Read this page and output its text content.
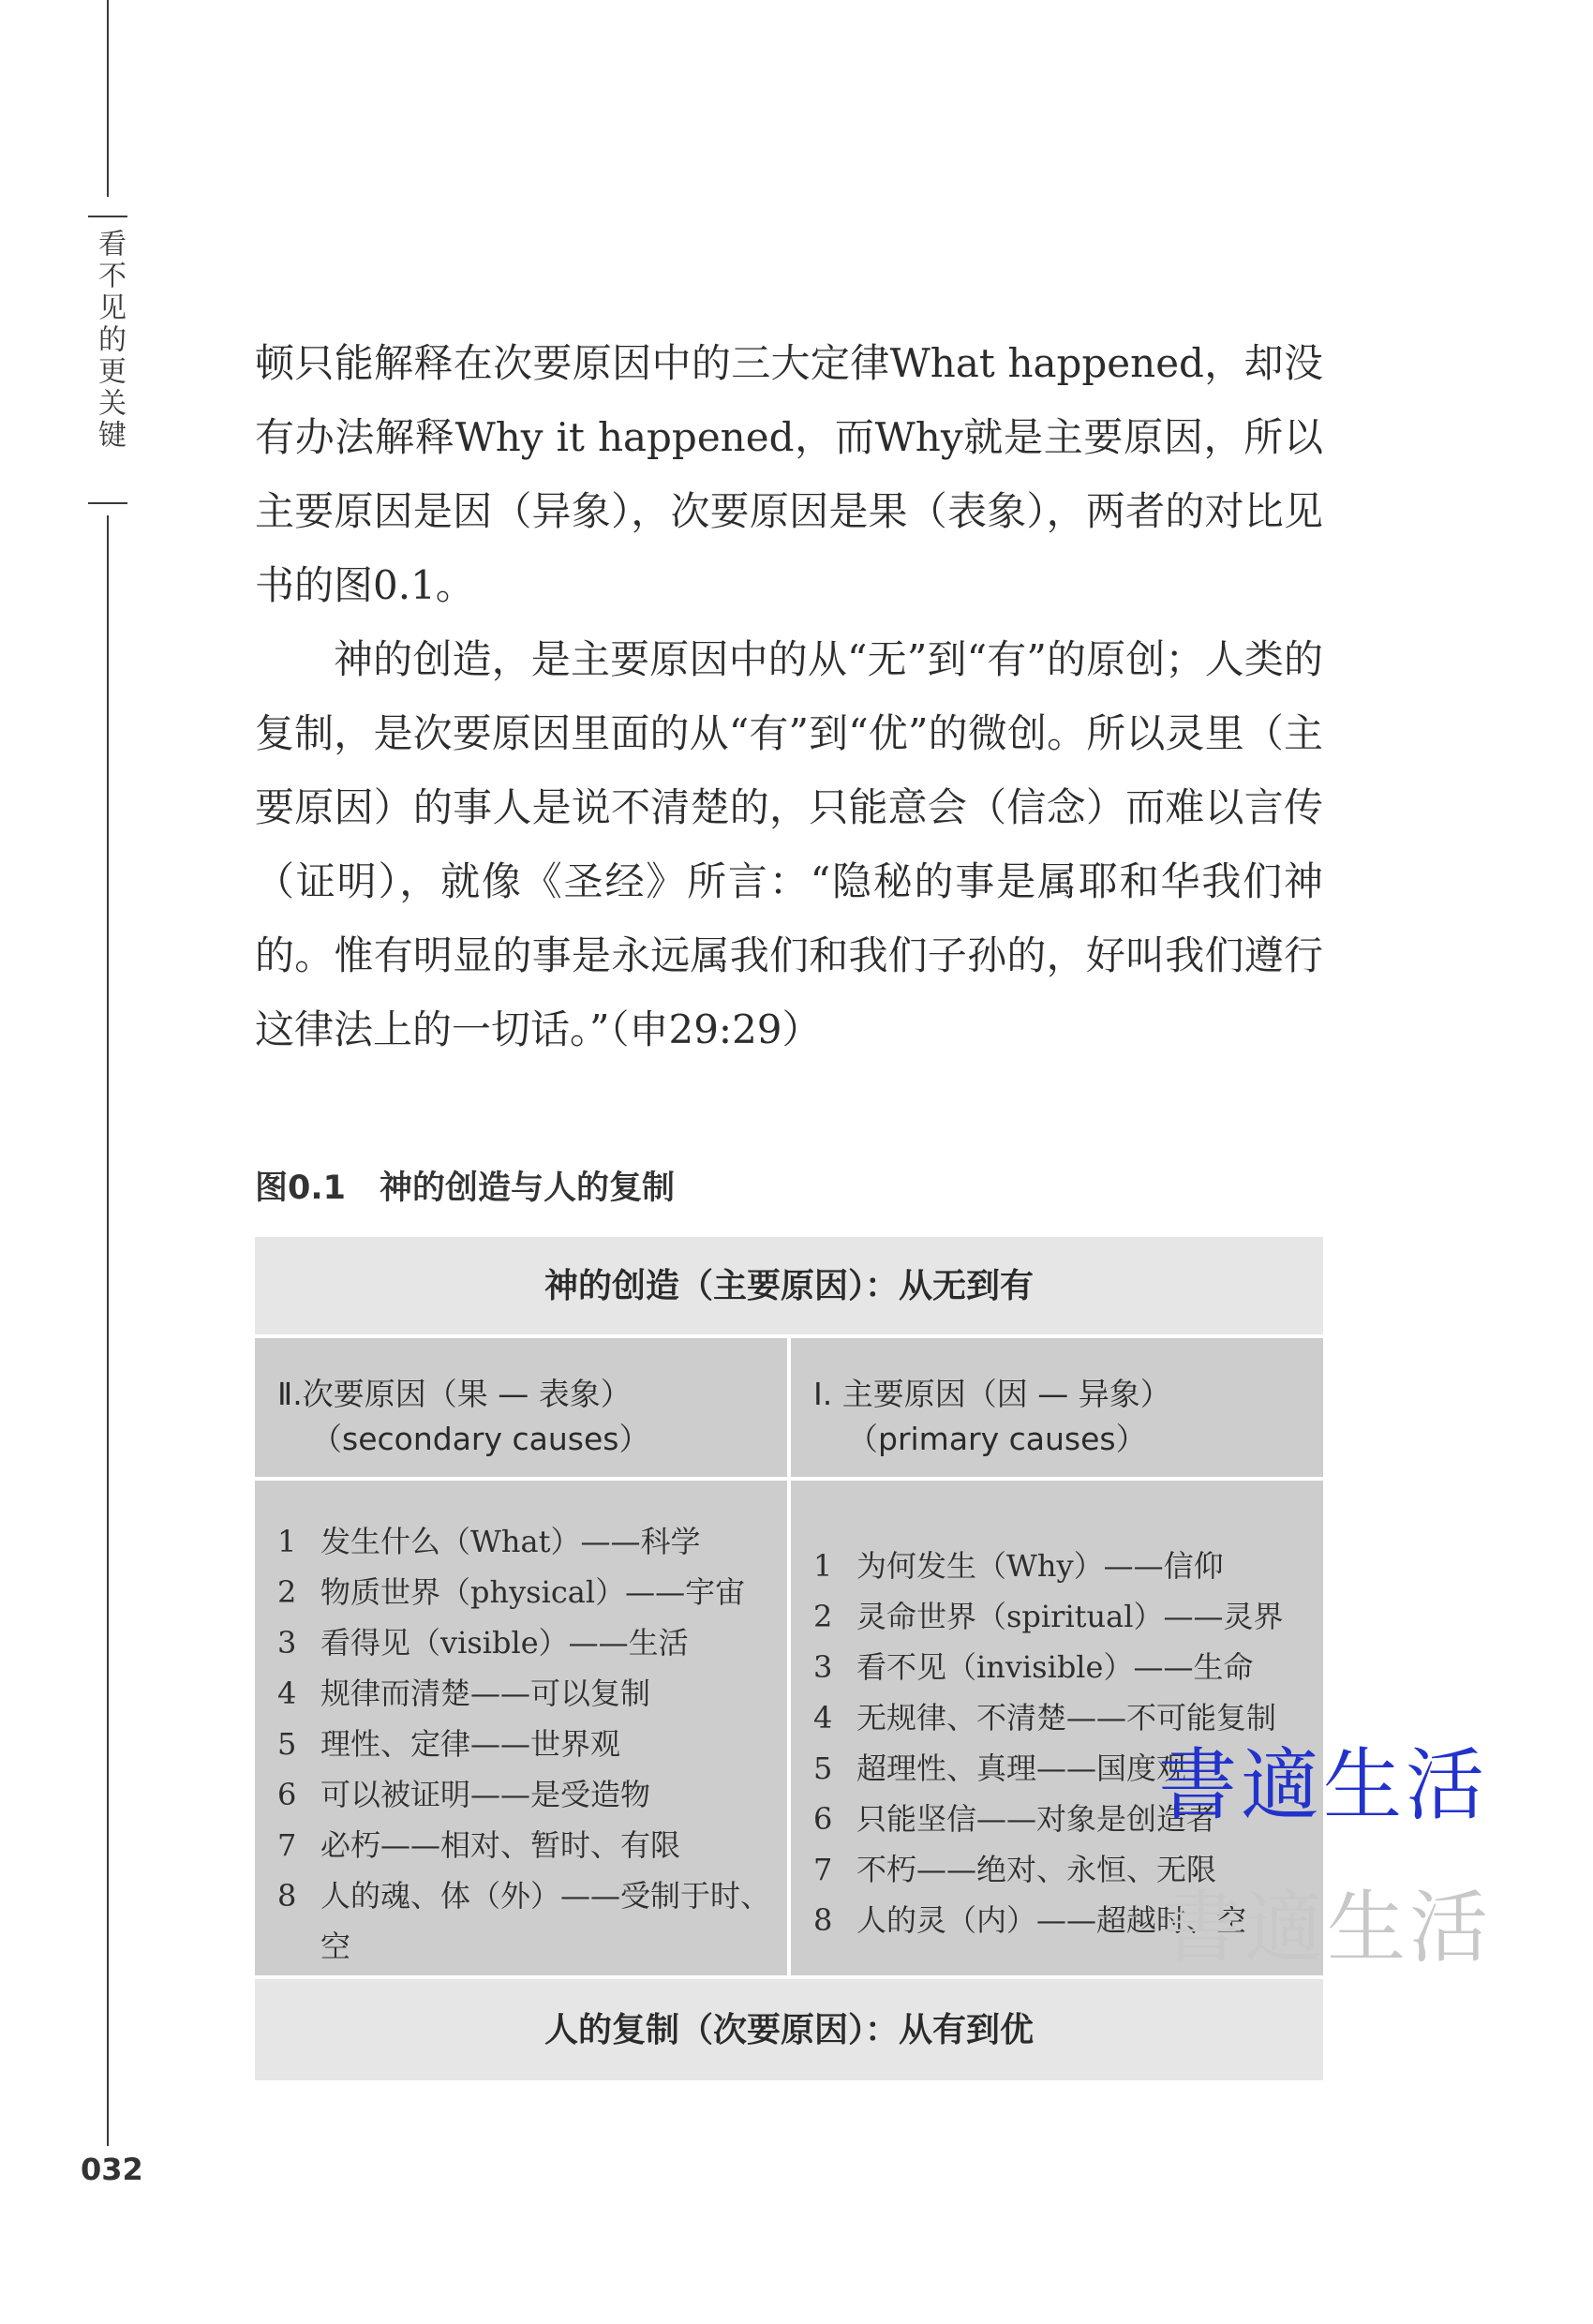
看不见的更关键	顿只能解释在次要原因中的三大定律What happened，却没有办法解释Why it happened，而Why就是主要原因，所以主要原因是因（异象），次要原因是果（表象），两者的对比见书的图0.1。

神的创造，是主要原因中的从“无”到“有”的原创；人类的复制，是次要原因里面的从“有”到“优”的微创。所以灵里（主要原因）的事人是说不清楚的，只能意会（信念）而难以言传（证明），就像《圣经》所言：“隐秘的事是属耶和华我们神的。惟有明显的事是永远属我们和我们子孙的，好叫我们遵行这律法上的一切话。”（申29:29）

图0.1 神的创造与人的复制
神的创造（主要原因）：从无到有
Ⅱ.次要原因（果 — 表象）
（secondary causes）
Ⅰ. 主要原因（因 — 异象）
（primary causes）
1 发生什么（What）——科学
2 物质世界（physical）——宇宙
3 看得见（visible）——生活
4 规律而清楚——可以复制
5 理性、定律——世界观
6 可以被证明——是受造物
7 必朽——相对、暂时、有限
8 人的魂、体（外）——受制于时、空
1 为何发生（Why）——信仰
2 灵命世界（spiritual）——灵界
3 看不见（invisible）——生命
4 无规律、不清楚——不可能复制
5 超理性、真理——国度观
6 只能坚信——对象是创造者
7 不朽——绝对、永恒、无限
8 人的灵（内）——超越时、空
人的复制（次要原因）：从有到优
書適生活
書適生活
032
